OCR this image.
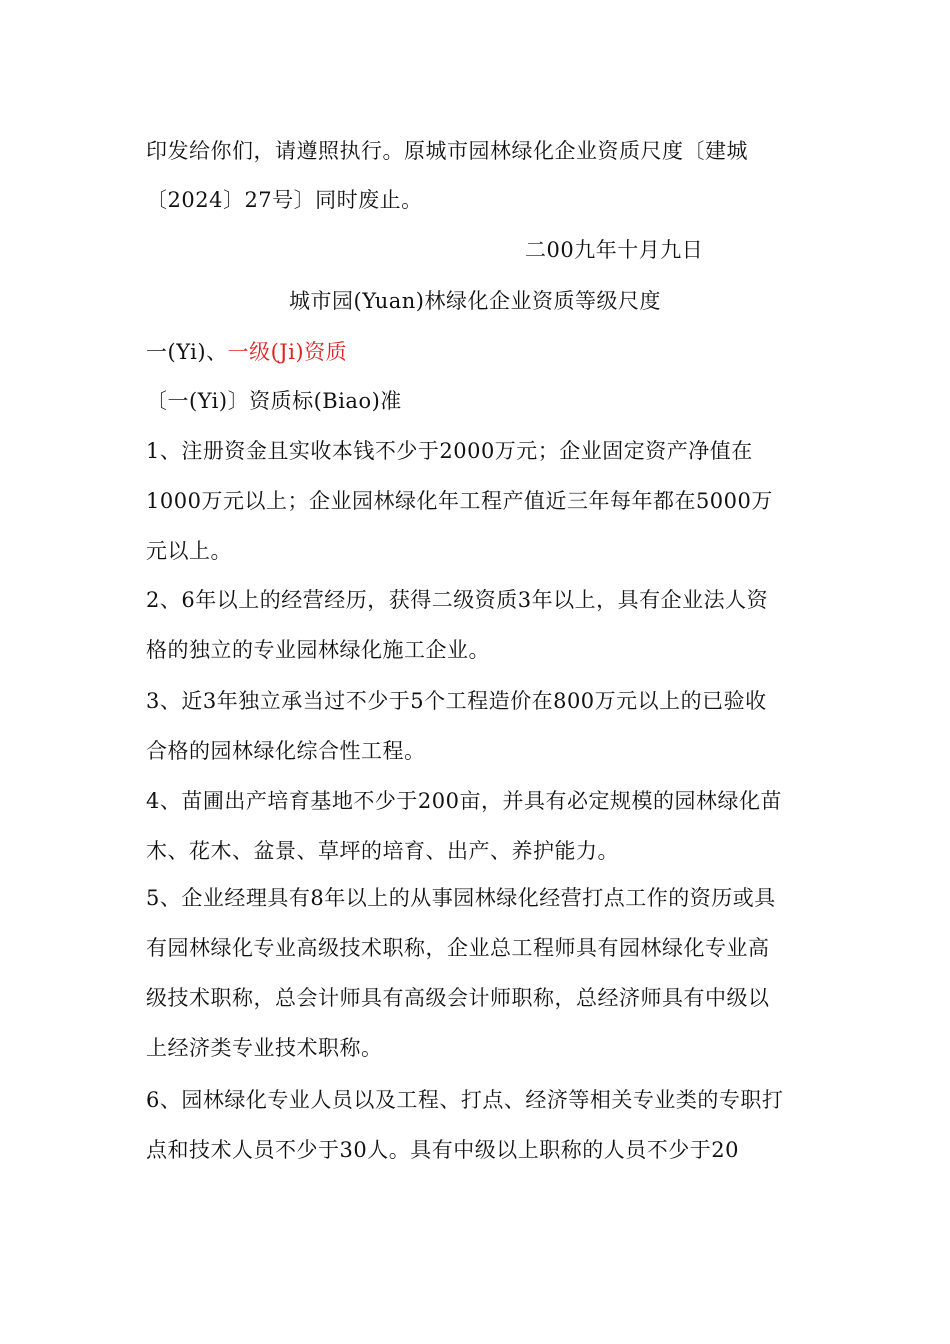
印发给你们，请遵照执行。原城市园林绿化企业资质尺度〔建城
〔2024〕27号〕同时废止。
二00九年十月九日
城市园(Yuan)林绿化企业资质等级尺度
一(Yi)、一级(Ji)资质
〔一(Yi)〕资质标(Biao)准
1、注册资金且实收本钱不少于2000万元；企业固定资产净值在
1000万元以上；企业园林绿化年工程产值近三年每年都在5000万
元以上。
2、6年以上的经营经历，获得二级资质3年以上，具有企业法人资
格的独立的专业园林绿化施工企业。
3、近3年独立承当过不少于5个工程造价在800万元以上的已验收
合格的园林绿化综合性工程。
4、苗圃出产培育基地不少于200亩，并具有必定规模的园林绿化苗
木、花木、盆景、草坪的培育、出产、养护能力。
5、企业经理具有8年以上的从事园林绿化经营打点工作的资历或具
有园林绿化专业高级技术职称，企业总工程师具有园林绿化专业高
级技术职称，总会计师具有高级会计师职称，总经济师具有中级以
上经济类专业技术职称。
6、园林绿化专业人员以及工程、打点、经济等相关专业类的专职打
点和技术人员不少于30人。具有中级以上职称的人员不少于20
